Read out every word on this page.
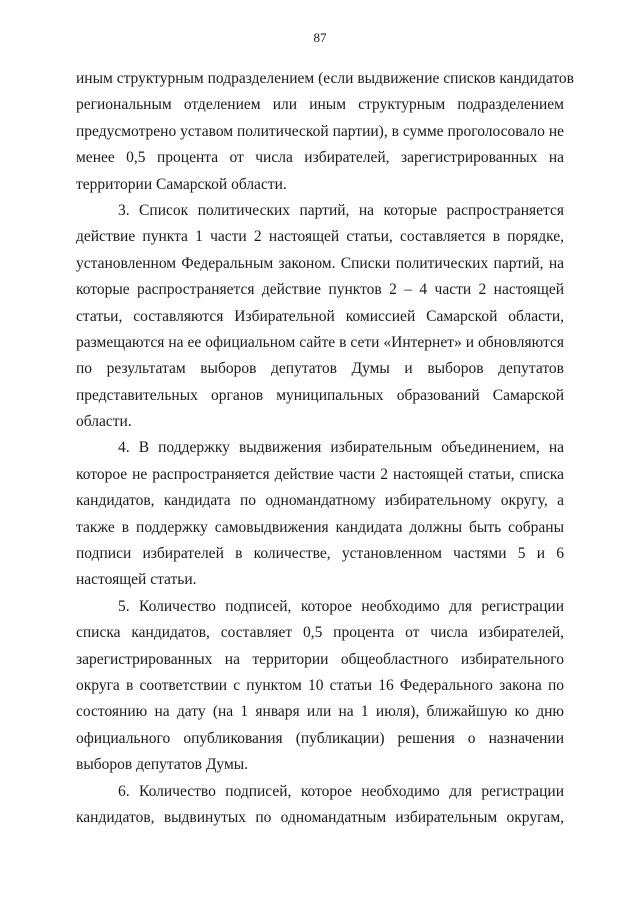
87
иным структурным подразделением (если выдвижение списков кандидатов
региональным отделением или иным структурным подразделением
предусмотрено уставом политической партии), в сумме проголосовало не
менее 0,5 процента от числа избирателей, зарегистрированных на
территории Самарской области.
3. Список политических партий, на которые распространяется
действие пункта 1 части 2 настоящей статьи, составляется в порядке,
установленном Федеральным законом. Списки политических партий, на
которые распространяется действие пунктов 2 – 4 части 2 настоящей
статьи, составляются Избирательной комиссией Самарской области,
размещаются на ее официальном сайте в сети «Интернет» и обновляются
по результатам выборов депутатов Думы и выборов депутатов
представительных органов муниципальных образований Самарской
области.
4. В поддержку выдвижения избирательным объединением, на
которое не распространяется действие части 2 настоящей статьи, списка
кандидатов, кандидата по одномандатному избирательному округу, а
также в поддержку самовыдвижения кандидата должны быть собраны
подписи избирателей в количестве, установленном частями 5 и 6
настоящей статьи.
5. Количество подписей, которое необходимо для регистрации
списка кандидатов, составляет 0,5 процента от числа избирателей,
зарегистрированных на территории общеобластного избирательного
округа в соответствии с пунктом 10 статьи 16 Федерального закона по
состоянию на дату (на 1 января или на 1 июля), ближайшую ко дню
официального опубликования (публикации) решения о назначении
выборов депутатов Думы.
6. Количество подписей, которое необходимо для регистрации
кандидатов, выдвинутых по одномандатным избирательным округам,
